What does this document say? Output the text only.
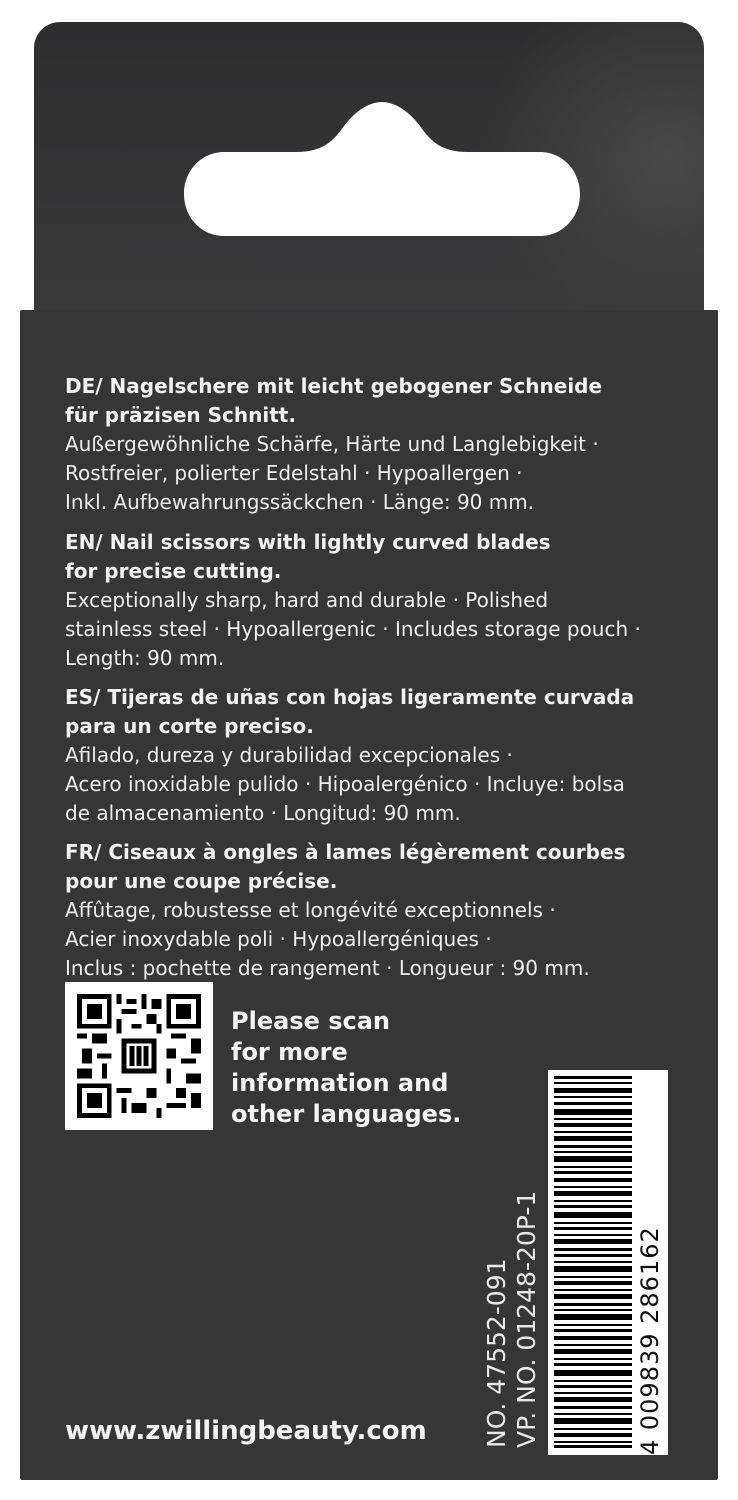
DE/ Nagelschere mit leicht gebogener Schneide
für präzisen Schnitt.
Außergewöhnliche Schärfe, Härte und Langlebigkeit ·
Rostfreier, polierter Edelstahl · Hypoallergen ·
Inkl. Aufbewahrungssäckchen · Länge: 90 mm.
EN/ Nail scissors with lightly curved blades
for precise cutting.
Exceptionally sharp, hard and durable · Polished
stainless steel · Hypoallergenic · Includes storage pouch ·
Length: 90 mm.
ES/ Tijeras de uñas con hojas ligeramente curvada
para un corte preciso.
Afilado, dureza y durabilidad excepcionales ·
Acero inoxidable pulido · Hipoalergénico · Incluye: bolsa
de almacenamiento · Longitud: 90 mm.
FR/ Ciseaux à ongles à lames légèrement courbes
pour une coupe précise.
Affûtage, robustesse et longévité exceptionnels ·
Acier inoxydable poli · Hypoallergéniques ·
Inclus : pochette de rangement · Longueur : 90 mm.
Please scan
for more
information and
other languages.
NO. 47552-091 VP. NO. 01248-20P-1	4 009839 286162
www.zwillingbeauty.com
